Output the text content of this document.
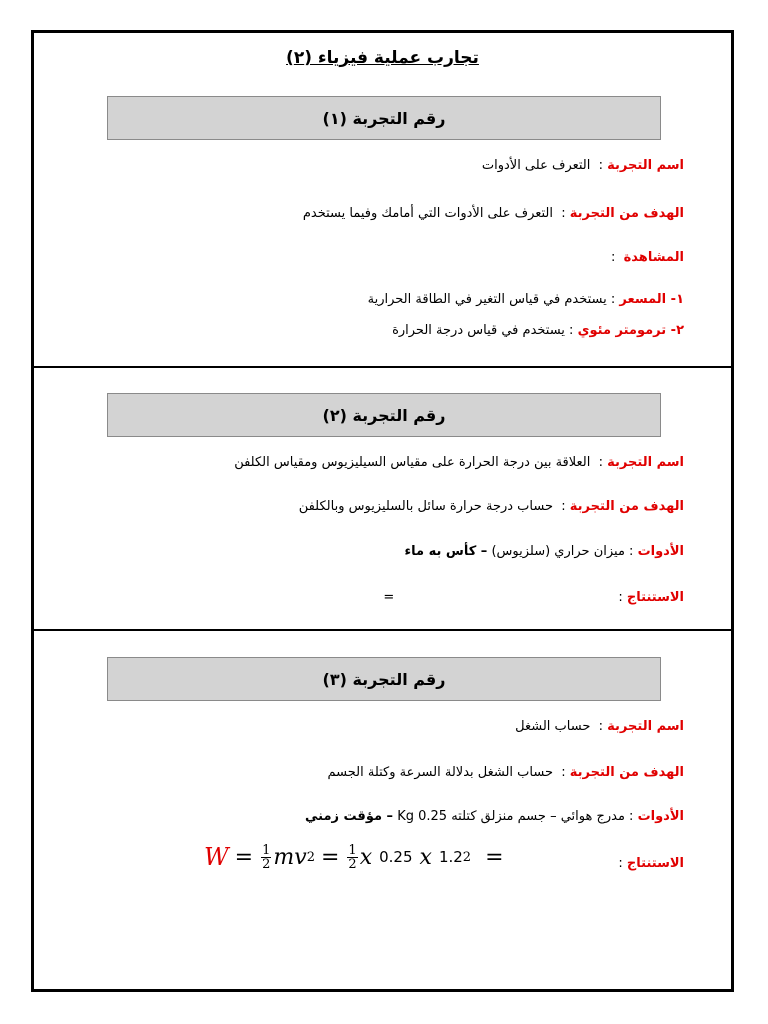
تجارب عملية فيزياء (٢)
رقم التجربة (١)
اسم التجربة :  التعرف على الأدوات
الهدف من التجربة :  التعرف على الأدوات التي أمامك وفيما يستخدم
المشاهدة  :
١- المسعر : يستخدم في قياس التغير في الطاقة الحرارية
٢- ترمومتر مئوي : يستخدم في قياس درجة الحرارة
رقم التجربة (٢)
اسم التجربة :  العلاقة بين درجة الحرارة على مقياس السيليزيوس ومقياس الكلفن
الهدف من التجربة :  حساب درجة حرارة سائل بالسليزيوس وبالكلفن
الأدوات : ميزان حراري (سلزيوس) – كأس به ماء
الاستنتاج : =
رقم التجربة (٣)
اسم التجربة :  حساب الشغل
الهدف من التجربة :  حساب الشغل بدلالة السرعة وكتلة الجسم
الأدوات : مدرج هوائي – جسم منزلق كتلته 0.25 Kg – مؤقت زمني
الاستنتاج :
$W = \frac{1}{2}$ mv $2 = \frac{1}{2}$ x
0.25
x
1.2 2 =
